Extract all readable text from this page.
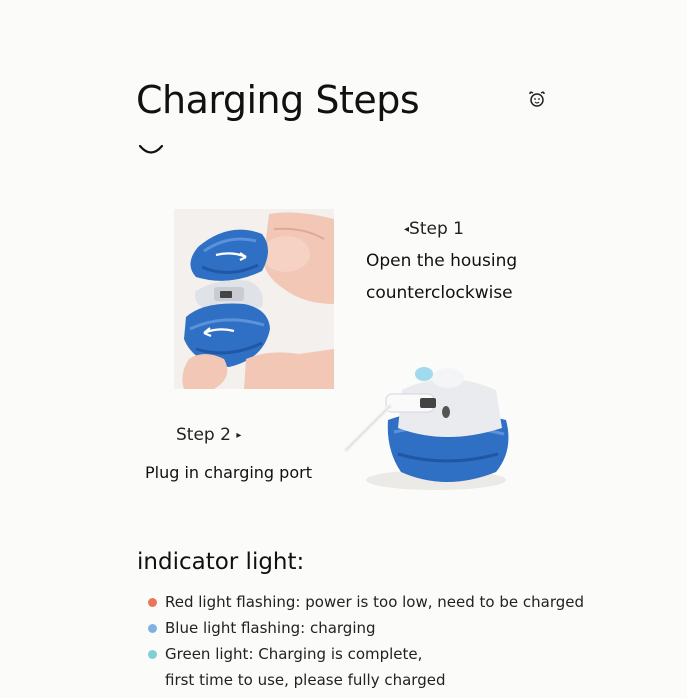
Charging Steps
◂Step 1
Open the housing counterclockwise
Step 2 ▸
Plug in charging port
indicator light:
Red light flashing: power is too low, need to be charged
Blue light flashing: charging
Green light: Charging is complete,
first time to use, please fully charged
